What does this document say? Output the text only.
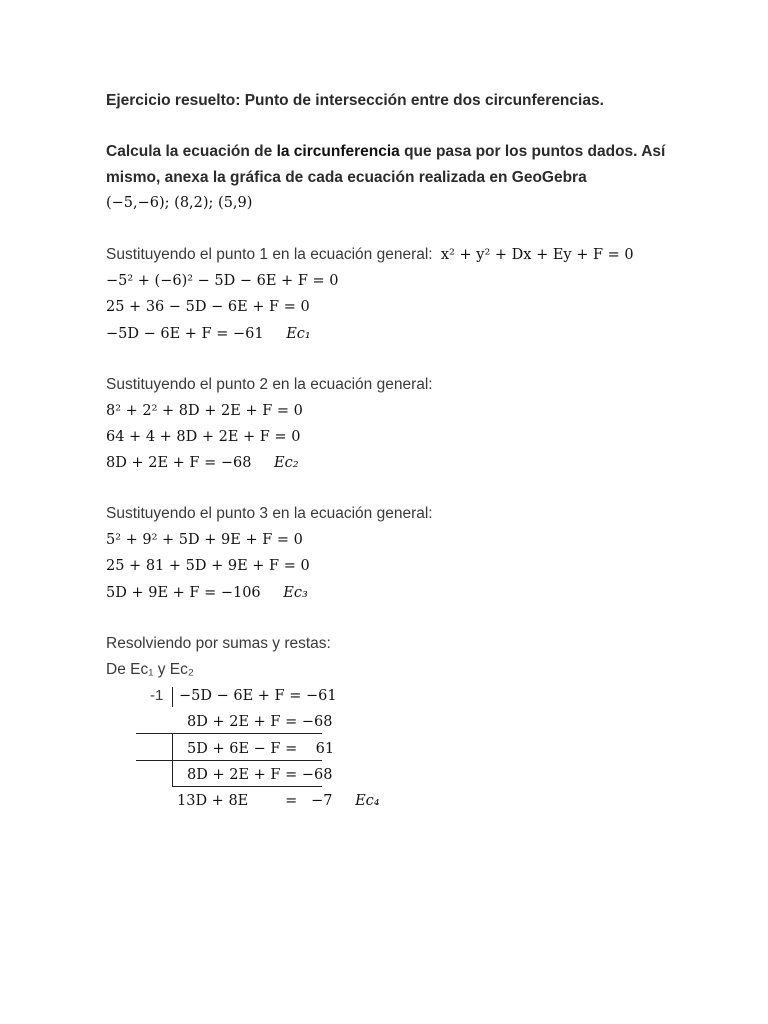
Ejercicio resuelto: Punto de intersección entre dos circunferencias.
Calcula la ecuación de la circunferencia que pasa por los puntos dados. Así
mismo, anexa la gráfica de cada ecuación realizada en GeoGebra
(−5,−6); (8,2); (5,9)
Sustituyendo el punto 1 en la ecuación general: x² + y² + Dx + Ey + F = 0
−5² + (−6)² − 5D − 6E + F = 0
25 + 36 − 5D − 6E + F = 0
−5D − 6E + F = −61 Ec₁
Sustituyendo el punto 2 en la ecuación general:
8² + 2² + 8D + 2E + F = 0
64 + 4 + 8D + 2E + F = 0
8D + 2E + F = −68 Ec₂
Sustituyendo el punto 3 en la ecuación general:
5² + 9² + 5D + 9E + F = 0
25 + 81 + 5D + 9E + F = 0
5D + 9E + F = −106 Ec₃
Resolviendo por sumas y restas:
De Ec₁ y Ec₂
-1 −5D − 6E + F = −61
8D + 2E + F = −68
5D + 6E − F =    61
8D + 2E + F = −68
13D + 8E        =   −7 Ec₄
